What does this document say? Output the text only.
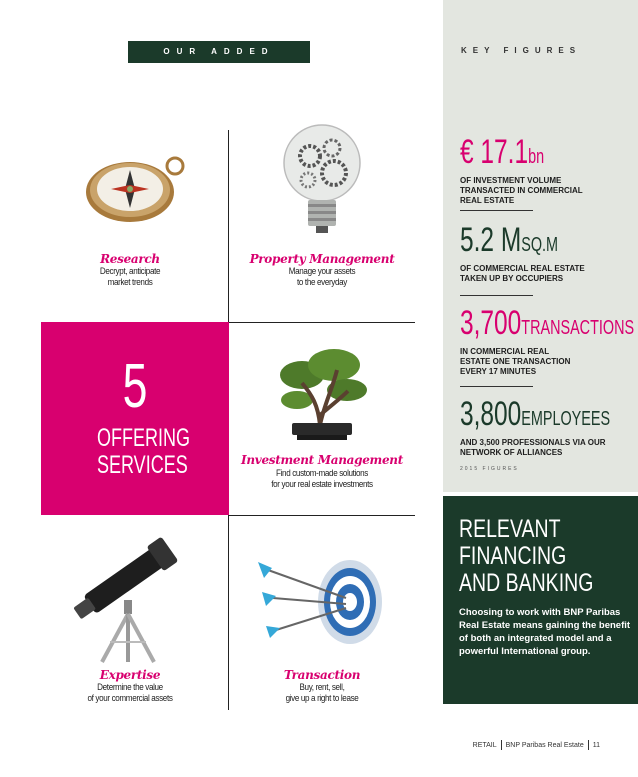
OUR ADDED VALUES
Research
Decrypt, anticipate
market trends
Property Management
Manage your assets
to the everyday
5
OFFERING
SERVICES	Investment Management
Find custom-made solutions
for your real estate investments
Expertise
Determine the value
of your commercial assets
Transaction
Buy, rent, sell,
give up a right to lease
KEY FIGURES
€ 17.1bn
OF INVESTMENT VOLUME TRANSACTED IN COMMERCIAL REAL ESTATE
5.2 MSQ.M
OF COMMERCIAL REAL ESTATE TAKEN UP BY OCCUPIERS
3,700TRANSACTIONS
IN COMMERCIAL REAL ESTATE ONE TRANSACTION EVERY 17 MINUTES
3,800EMPLOYEES
AND 3,500 PROFESSIONALS VIA OUR NETWORK OF ALLIANCES
2015 FIGURES
RELEVANT
FINANCING
AND BANKING
Choosing to work with BNP Paribas Real Estate means gaining the benefit of both an integrated model and a powerful International group.
RETAIL BNP Paribas Real Estate 11
